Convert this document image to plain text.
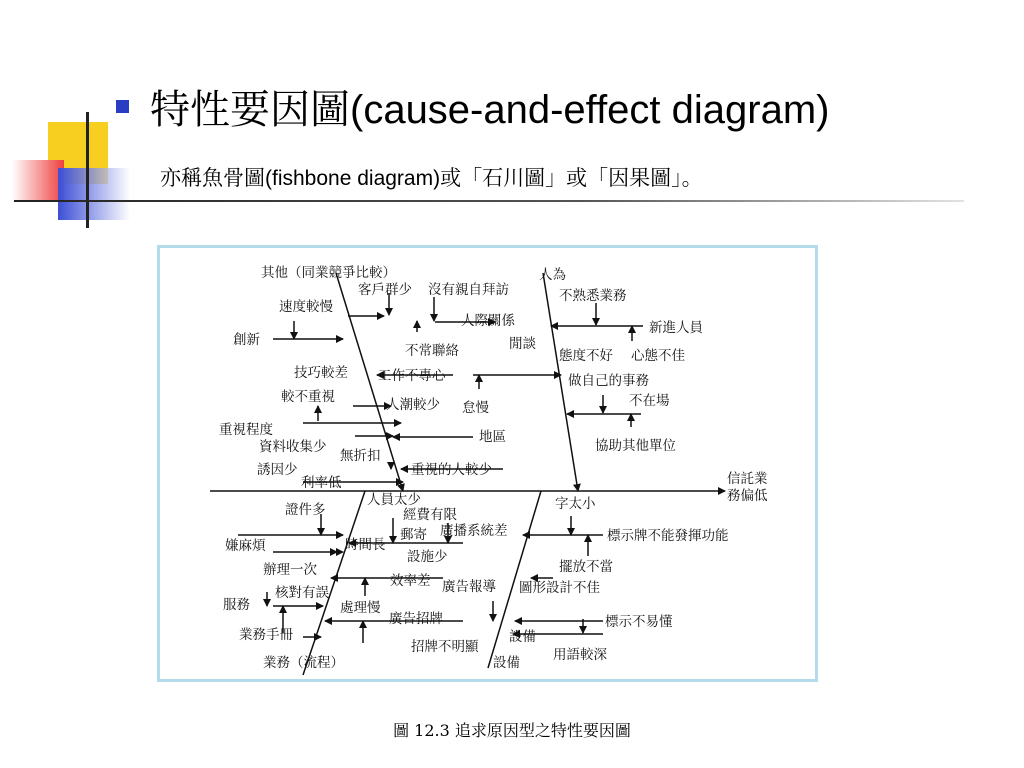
特性要因圖(cause-and-effect diagram)
亦稱魚骨圖(fishbone diagram)或「石川圖」或「因果圖」。
其他（同業競爭比較）
客戶群少 沒有親自拜訪
人為
不熟悉業務
速度較慢
人際關係	新進人員
創新
不常聯絡	閒談
態度不好 心態不佳
技巧較差 工作不專心	做自己的事務
較不重視	人潮較少 怠慢	不在場
重視程度
資料收集少
地區
協助其他單位
無折扣
誘因少	重視的人較少
利率低
人員太少	字太小
證件多	經費有限
郵寄 廣播系統差
嫌麻煩	時間長
標示牌不能發揮功能
設施少
擺放不當
辦理一次
效率差 廣告報導 圖形設計不佳
核對有誤
服務	處理慢
廣告招牌	標示不易懂
業務手冊
招牌不明顯
設備
用語較深
業務（流程）	設備
信託業
務偏低
圖 12.3 追求原因型之特性要因圖
